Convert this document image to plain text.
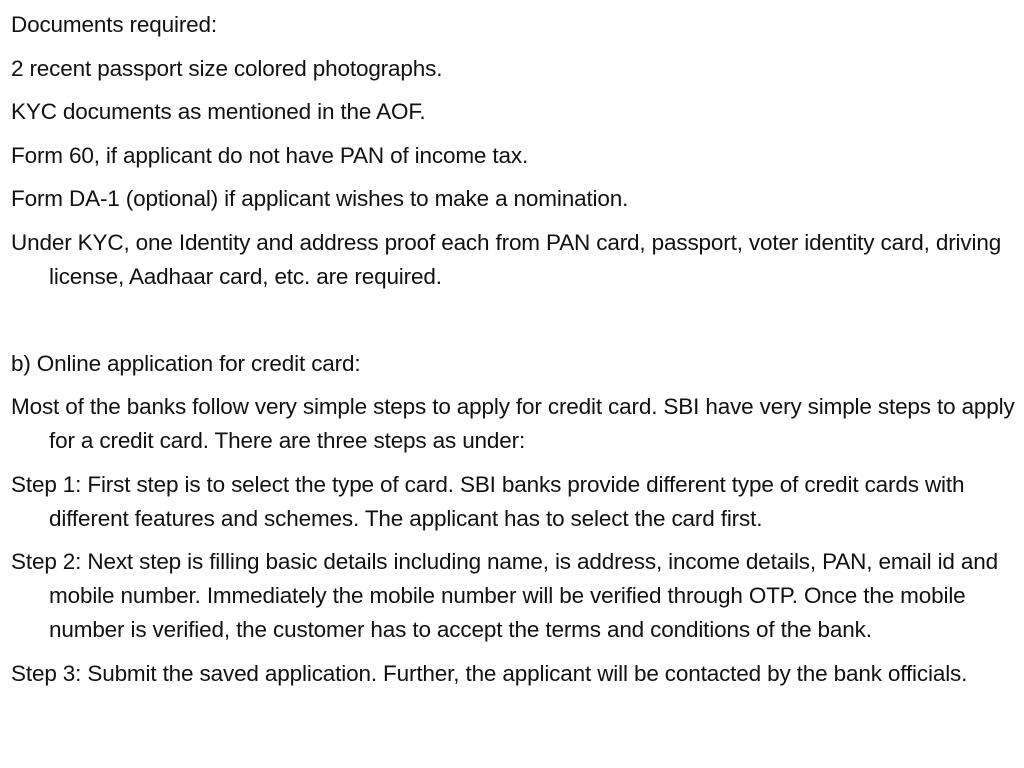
Documents required:

2 recent passport size colored photographs.

KYC documents as mentioned in the AOF.

Form 60, if applicant do not have PAN of income tax.

Form DA-1 (optional) if applicant wishes to make a nomination.

Under KYC, one Identity and address proof each from PAN card, passport, voter identity card, driving license, Aadhaar card, etc. are required.

b) Online application for credit card:

Most of the banks follow very simple steps to apply for credit card. SBI have very simple steps to apply for a credit card. There are three steps as under:

Step 1: First step is to select the type of card. SBI banks provide different type of credit cards with different features and schemes. The applicant has to select the card first.

Step 2: Next step is filling basic details including name, is address, income details, PAN, email id and mobile number. Immediately the mobile number will be verified through OTP. Once the mobile number is verified, the customer has to accept the terms and conditions of the bank.

Step 3: Submit the saved application. Further, the applicant will be contacted by the bank officials.
